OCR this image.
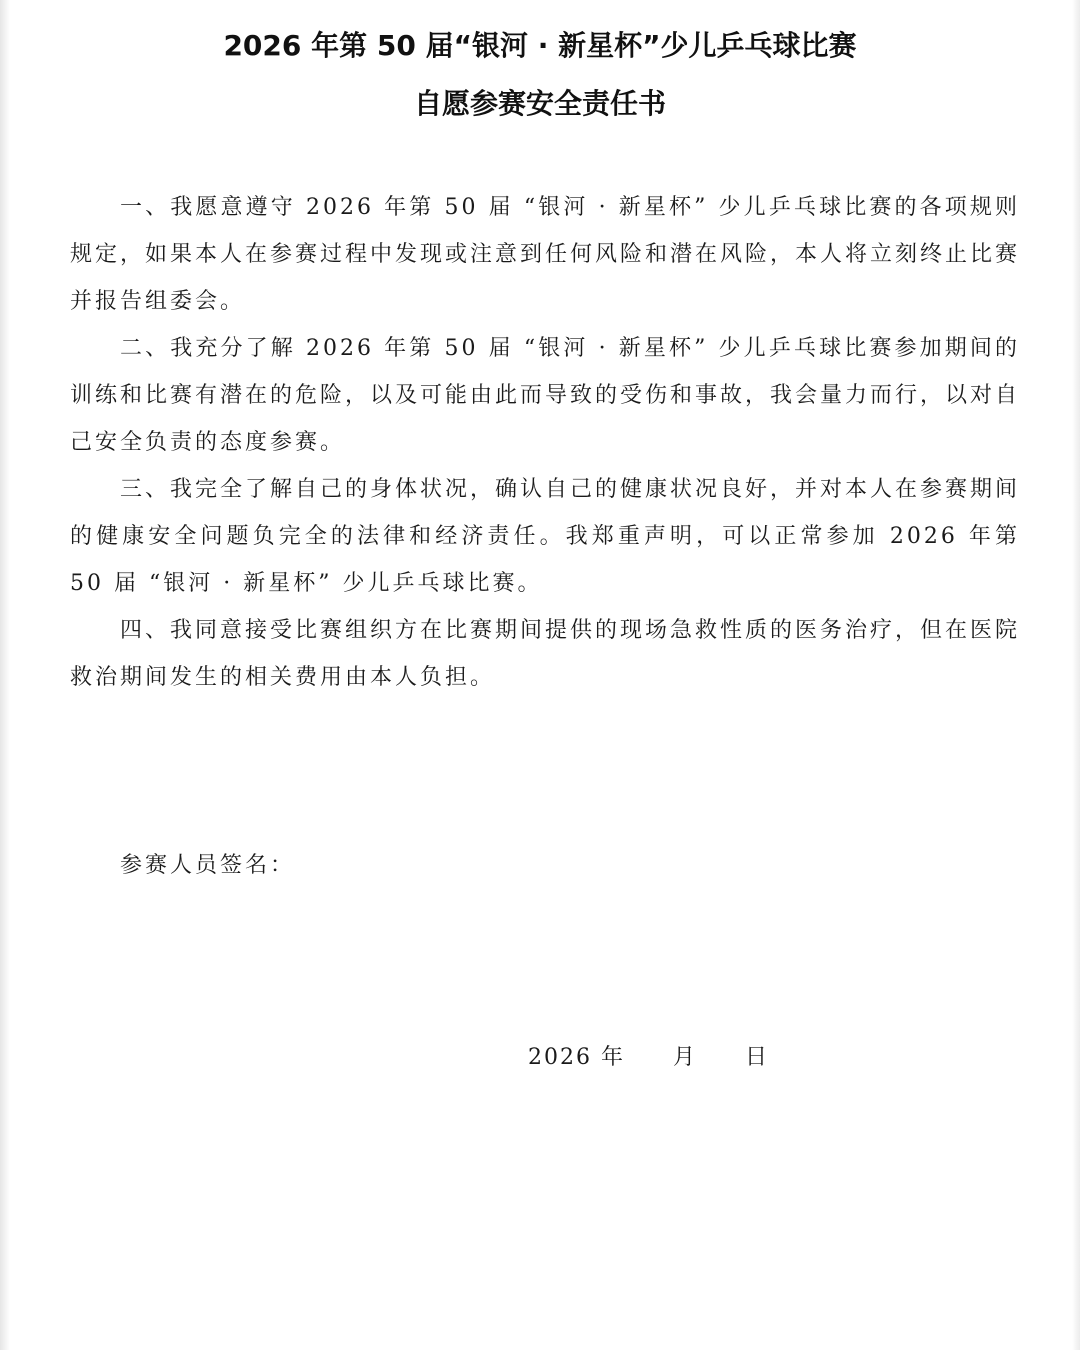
2026 年第 50 届“银河 · 新星杯”少儿乒乓球比赛
自愿参赛安全责任书

一、我愿意遵守 2026 年第 50 届 “银河 · 新星杯” 少儿乒乓球比赛的各项规则规定，如果本人在参赛过程中发现或注意到任何风险和潜在风险，本人将立刻终止比赛并报告组委会。

二、我充分了解 2026 年第 50 届 “银河 · 新星杯” 少儿乒乓球比赛参加期间的训练和比赛有潜在的危险，以及可能由此而导致的受伤和事故，我会量力而行，以对自己安全负责的态度参赛。

三、我完全了解自己的身体状况，确认自己的健康状况良好，并对本人在参赛期间的健康安全问题负完全的法律和经济责任。我郑重声明，可以正常参加 2026 年第 50 届 “银河 · 新星杯” 少儿乒乓球比赛。

四、我同意接受比赛组织方在比赛期间提供的现场急救性质的医务治疗，但在医院救治期间发生的相关费用由本人负担。

参赛人员签名：
2026 年 月 日
